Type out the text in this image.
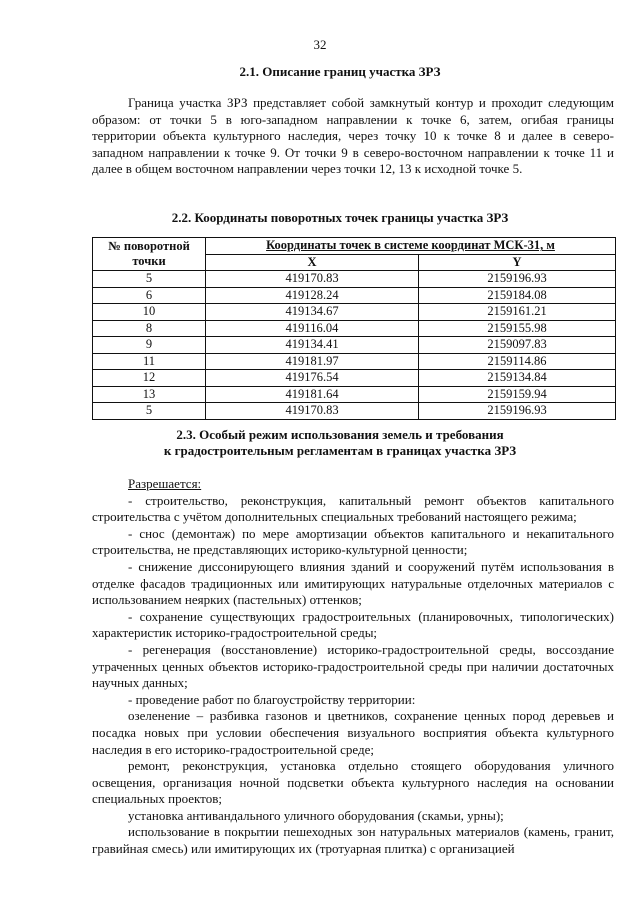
32
2.1. Описание границ участка ЗРЗ

Граница участка ЗРЗ представляет собой замкнутый контур и проходит следующим образом: от точки 5 в юго-западном направлении к точке 6, затем, огибая границы территории объекта культурного наследия, через точку 10 к точке 8 и далее в северо-западном направлении к точке 9. От точки 9 в северо-восточном направлении к точке 11 и далее в общем восточном направлении через точки 12, 13 к исходной точке 5.

2.2. Координаты поворотных точек границы участка ЗРЗ
№ поворотной точки	Координаты точек в системе координат МСК-31, м	
	X	Y
5	419170.83	2159196.93
6	419128.24	2159184.08
10	419134.67	2159161.21
8	419116.04	2159155.98
9	419134.41	2159097.83
11	419181.97	2159114.86
12	419176.54	2159134.84
13	419181.64	2159159.94
5	419170.83	2159196.93
2.3. Особый режим использования земель и требования
к градостроительным регламентам в границах участка ЗРЗ

Разрешается:

- строительство, реконструкция, капитальный ремонт объектов капитального строительства с учётом дополнительных специальных требований настоящего режима;

- снос (демонтаж) по мере амортизации объектов капитального и некапитального строительства, не представляющих историко-культурной ценности;

- снижение диссонирующего влияния зданий и сооружений путём использования в отделке фасадов традиционных или имитирующих натуральные отделочных материалов с использованием неярких (пастельных) оттенков;

- сохранение существующих градостроительных (планировочных, типологических) характеристик историко-градостроительной среды;

- регенерация (восстановление) историко-градостроительной среды, воссоздание утраченных ценных объектов историко-градостроительной среды при наличии достаточных научных данных;

- проведение работ по благоустройству территории:

озеленение – разбивка газонов и цветников, сохранение ценных пород деревьев и посадка новых при условии обеспечения визуального восприятия объекта культурного наследия в его историко-градостроительной среде;

ремонт, реконструкция, установка отдельно стоящего оборудования уличного освещения, организация ночной подсветки объекта культурного наследия на основании специальных проектов;

установка антивандального уличного оборудования (скамьи, урны);

использование в покрытии пешеходных зон натуральных материалов (камень, гранит, гравийная смесь) или имитирующих их (тротуарная плитка) с организацией
